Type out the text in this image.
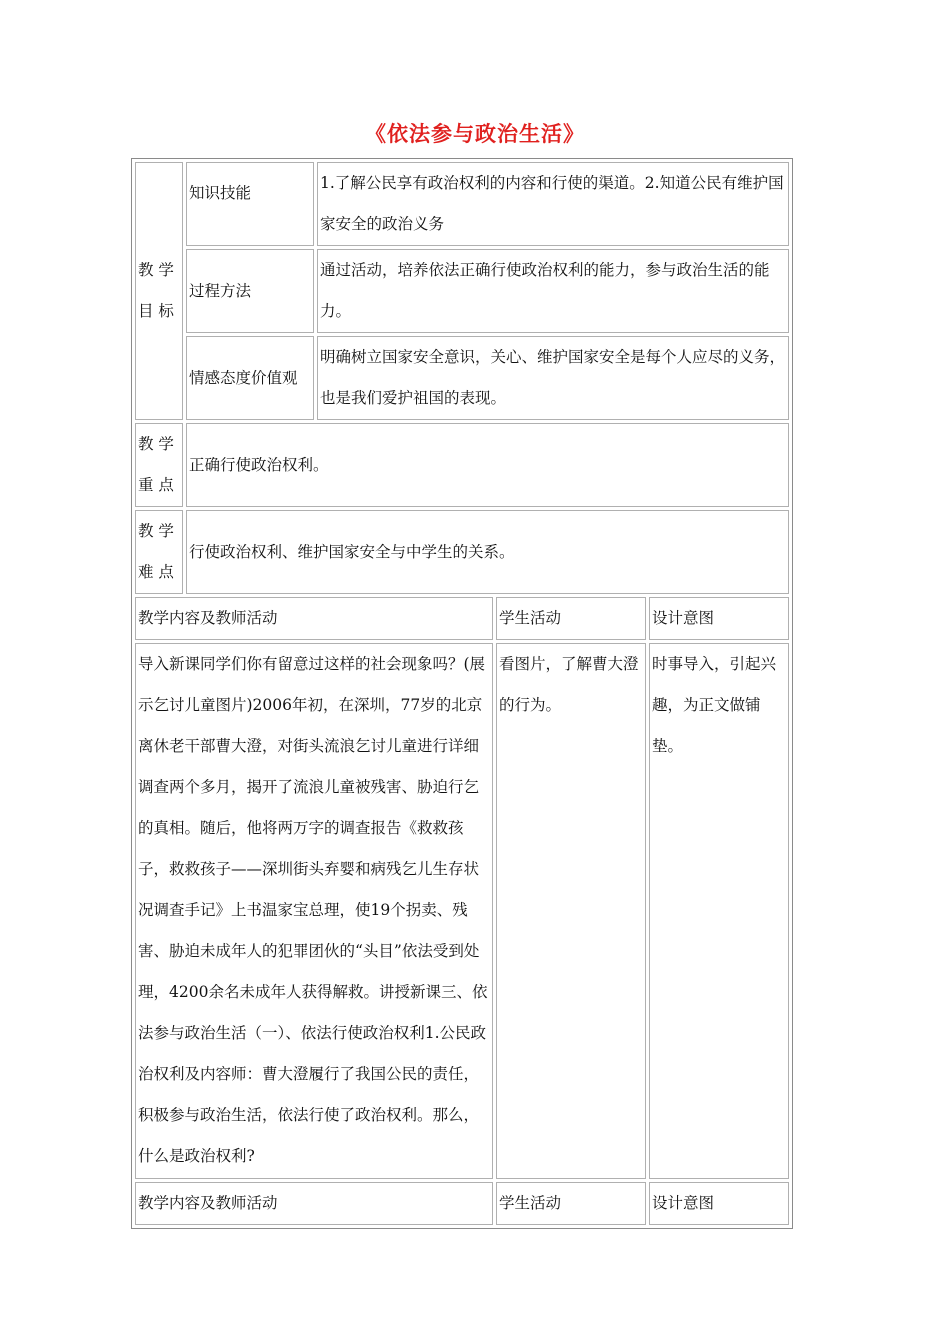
《依法参与政治生活》
教 学 目 标	知识技能	1.了解公民享有政治权利的内容和行使的渠道。2.知道公民有维护国家安全的政治义务		
	过程方法	通过活动，培养依法正确行使政治权利的能力，参与政治生活的能力。		
	情感态度价值观	明确树立国家安全意识，关心、维护国家安全是每个人应尽的义务，也是我们爱护祖国的表现。		
教 学 重 点	正确行使政治权利。			
教 学 难 点	行使政治权利、维护国家安全与中学生的关系。			
教学内容及教师活动			学生活动	设计意图
导入新课同学们你有留意过这样的社会现象吗？(展示乞讨儿童图片)2006年初，在深圳，77岁的北京离休老干部曹大澄，对街头流浪乞讨儿童进行详细调查两个多月，揭开了流浪儿童被残害、胁迫行乞的真相。随后，他将两万字的调查报告《救救孩子，救救孩子——深圳街头弃婴和病残乞儿生存状况调查手记》上书温家宝总理，使19个拐卖、残害、胁迫未成年人的犯罪团伙的“头目”依法受到处理，4200余名未成年人获得解救。讲授新课三、依法参与政治生活（一）、依法行使政治权利1.公民政治权利及内容师：曹大澄履行了我国公民的责任，积极参与政治生活，依法行使了政治权利。那么，什么是政治权利?			看图片，了解曹大澄的行为。	时事导入，引起兴趣，为正文做铺垫。
教学内容及教师活动			学生活动	设计意图
